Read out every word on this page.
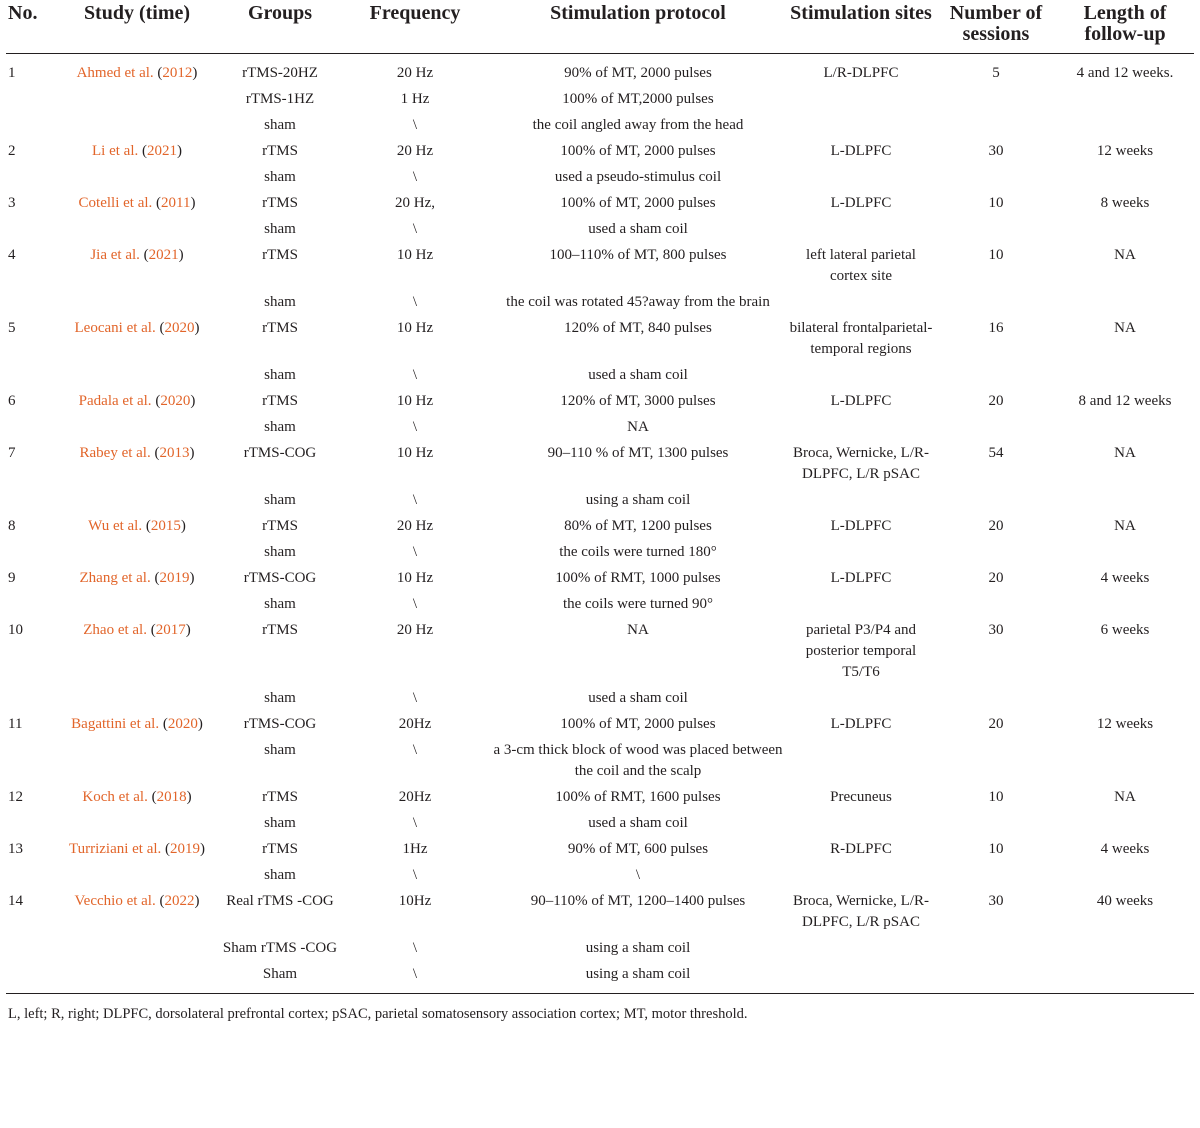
No.	Study (time)	Groups	Frequency	Stimulation protocol	Stimulation sites	Number of sessions	Length of follow-up
1	Ahmed et al. (2012)	rTMS-20HZ	20 Hz	90% of MT, 2000 pulses	L/R-DLPFC	5	4 and 12 weeks.
		rTMS-1HZ	1 Hz	100% of MT,2000 pulses			
		sham	\	the coil angled away from the head			
2	Li et al. (2021)	rTMS	20 Hz	100% of MT, 2000 pulses	L-DLPFC	30	12 weeks
		sham	\	used a pseudo-stimulus coil			
3	Cotelli et al. (2011)	rTMS	20 Hz,	100% of MT, 2000 pulses	L-DLPFC	10	8 weeks
		sham	\	used a sham coil			
4	Jia et al. (2021)	rTMS	10 Hz	100–110% of MT, 800 pulses	left lateral parietal cortex site	10	NA
		sham	\	the coil was rotated 45?away from the brain			
5	Leocani et al. (2020)	rTMS	10 Hz	120% of MT, 840 pulses	bilateral frontalparietal-temporal regions	16	NA
		sham	\	used a sham coil			
6	Padala et al. (2020)	rTMS	10 Hz	120% of MT, 3000 pulses	L-DLPFC	20	8 and 12 weeks
		sham	\	NA			
7	Rabey et al. (2013)	rTMS-COG	10 Hz	90–110 % of MT, 1300 pulses	Broca, Wernicke, L/R-DLPFC, L/R pSAC	54	NA
		sham	\	using a sham coil			
8	Wu et al. (2015)	rTMS	20 Hz	80% of MT, 1200 pulses	L-DLPFC	20	NA
		sham	\	the coils were turned 180°			
9	Zhang et al. (2019)	rTMS-COG	10 Hz	100% of RMT, 1000 pulses	L-DLPFC	20	4 weeks
		sham	\	the coils were turned 90°			
10	Zhao et al. (2017)	rTMS	20 Hz	NA	parietal P3/P4 and posterior temporal T5/T6	30	6 weeks
		sham	\	used a sham coil			
11	Bagattini et al. (2020)	rTMS-COG	20Hz	100% of MT, 2000 pulses	L-DLPFC	20	12 weeks
		sham	\	a 3-cm thick block of wood was placed between the coil and the scalp			
12	Koch et al. (2018)	rTMS	20Hz	100% of RMT, 1600 pulses	Precuneus	10	NA
		sham	\	used a sham coil			
13	Turriziani et al. (2019)	rTMS	1Hz	90% of MT, 600 pulses	R-DLPFC	10	4 weeks
		sham	\	\			
14	Vecchio et al. (2022)	Real rTMS -COG	10Hz	90–110% of MT, 1200–1400 pulses	Broca, Wernicke, L/R-DLPFC, L/R pSAC	30	40 weeks
		Sham rTMS -COG	\	using a sham coil			
		Sham	\	using a sham coil			
L, left; R, right; DLPFC, dorsolateral prefrontal cortex; pSAC, parietal somatosensory association cortex; MT, motor threshold.
